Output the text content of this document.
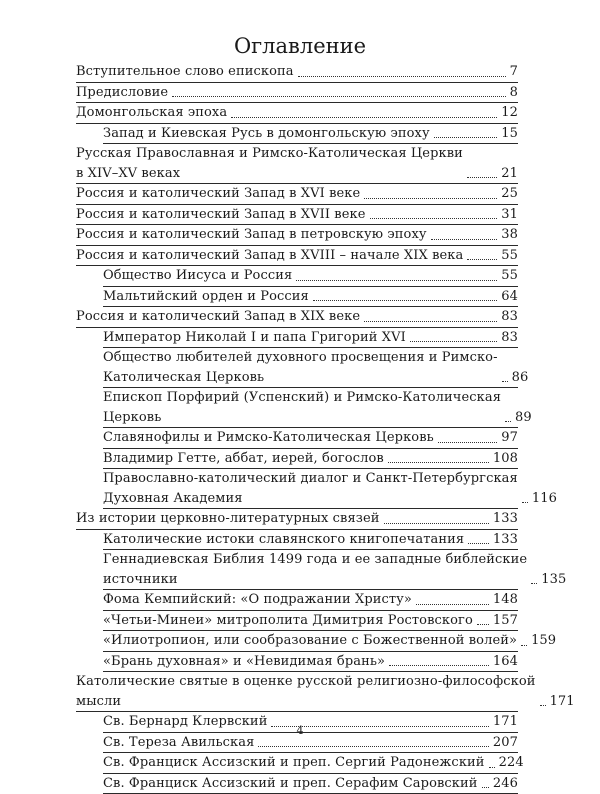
Оглавление
Вступительное слово епископа	7
Предисловие	8
Домонгольская эпоха	12
Запад и Киевская Русь в домонгольскую эпоху	15
Русская Православная и Римско-Католическая Церкви
в XIV–XV веках	21
Россия и католический Запад в XVI веке	25
Россия и католический Запад в XVII веке	31
Россия и католический Запад в петровскую эпоху	38
Россия и католический Запад в XVIII – начале XIX века	55
Общество Иисуса и Россия	55
Мальтийский орден и Россия	64
Россия и католический Запад в XIX веке	83
Император Николай I и папа Григорий XVI	83
Общество любителей духовного просвещения и Римско-
Католическая Церковь	86
Епископ Порфирий (Успенский) и Римско-Католическая
Церковь	89
Славянофилы и Римско-Католическая Церковь	97
Владимир Гетте, аббат, иерей, богослов	108
Православно-католический диалог и Санкт-Петербургская
Духовная Академия	116
Из истории церковно-литературных связей	133
Католические истоки славянского книгопечатания	133
Геннадиевская Библия 1499 года и ее западные библейские
источники	135
Фома Кемпийский: «О подражании Христу»	148
«Четьи-Минеи» митрополита Димитрия Ростовского	157
«Илиотропион, или сообразование с Божественной волей»	159
«Брань духовная» и «Невидимая брань»	164
Католические святые в оценке русской религиозно-философской
мысли	171
Св. Бернард Клервский	171
Св. Тереза Авильская	207
Св. Франциск Ассизский и преп. Сергий Радонежский	224
Св. Франциск Ассизский и преп. Серафим Саровский	246
4
